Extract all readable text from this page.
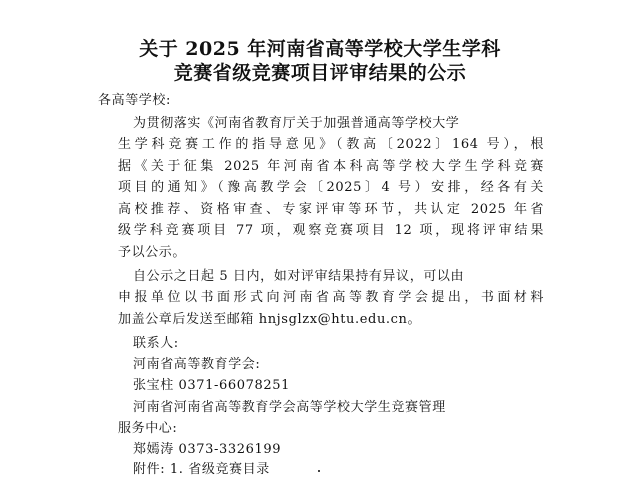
关于 2025 年河南省高等学校大学生学科
竞赛省级竞赛项目评审结果的公示
各高等学校:
为贯彻落实《河南省教育厅关于加强普通高等学校大学
生学科竞赛工作的指导意见》（教高〔2022〕164 号），根
据《关于征集 2025 年河南省本科高等学校大学生学科竞赛
项目的通知》（豫高教学会〔2025〕4 号）安排，经各有关
高校推荐、资格审查、专家评审等环节，共认定 2025 年省
级学科竞赛项目 77 项，观察竞赛项目 12 项，现将评审结果
予以公示。
自公示之日起 5 日内，如对评审结果持有异议，可以由
申报单位以书面形式向河南省高等教育学会提出，书面材料
加盖公章后发送至邮箱 hnjsglzx@htu.edu.cn。
联系人:
河南省高等教育学会:
张宝柱 0371-66078251
河南省河南省高等教育学会高等学校大学生竞赛管理
服务中心:
郑嫣涛 0373-3326199
附件: 1. 省级竞赛目录
